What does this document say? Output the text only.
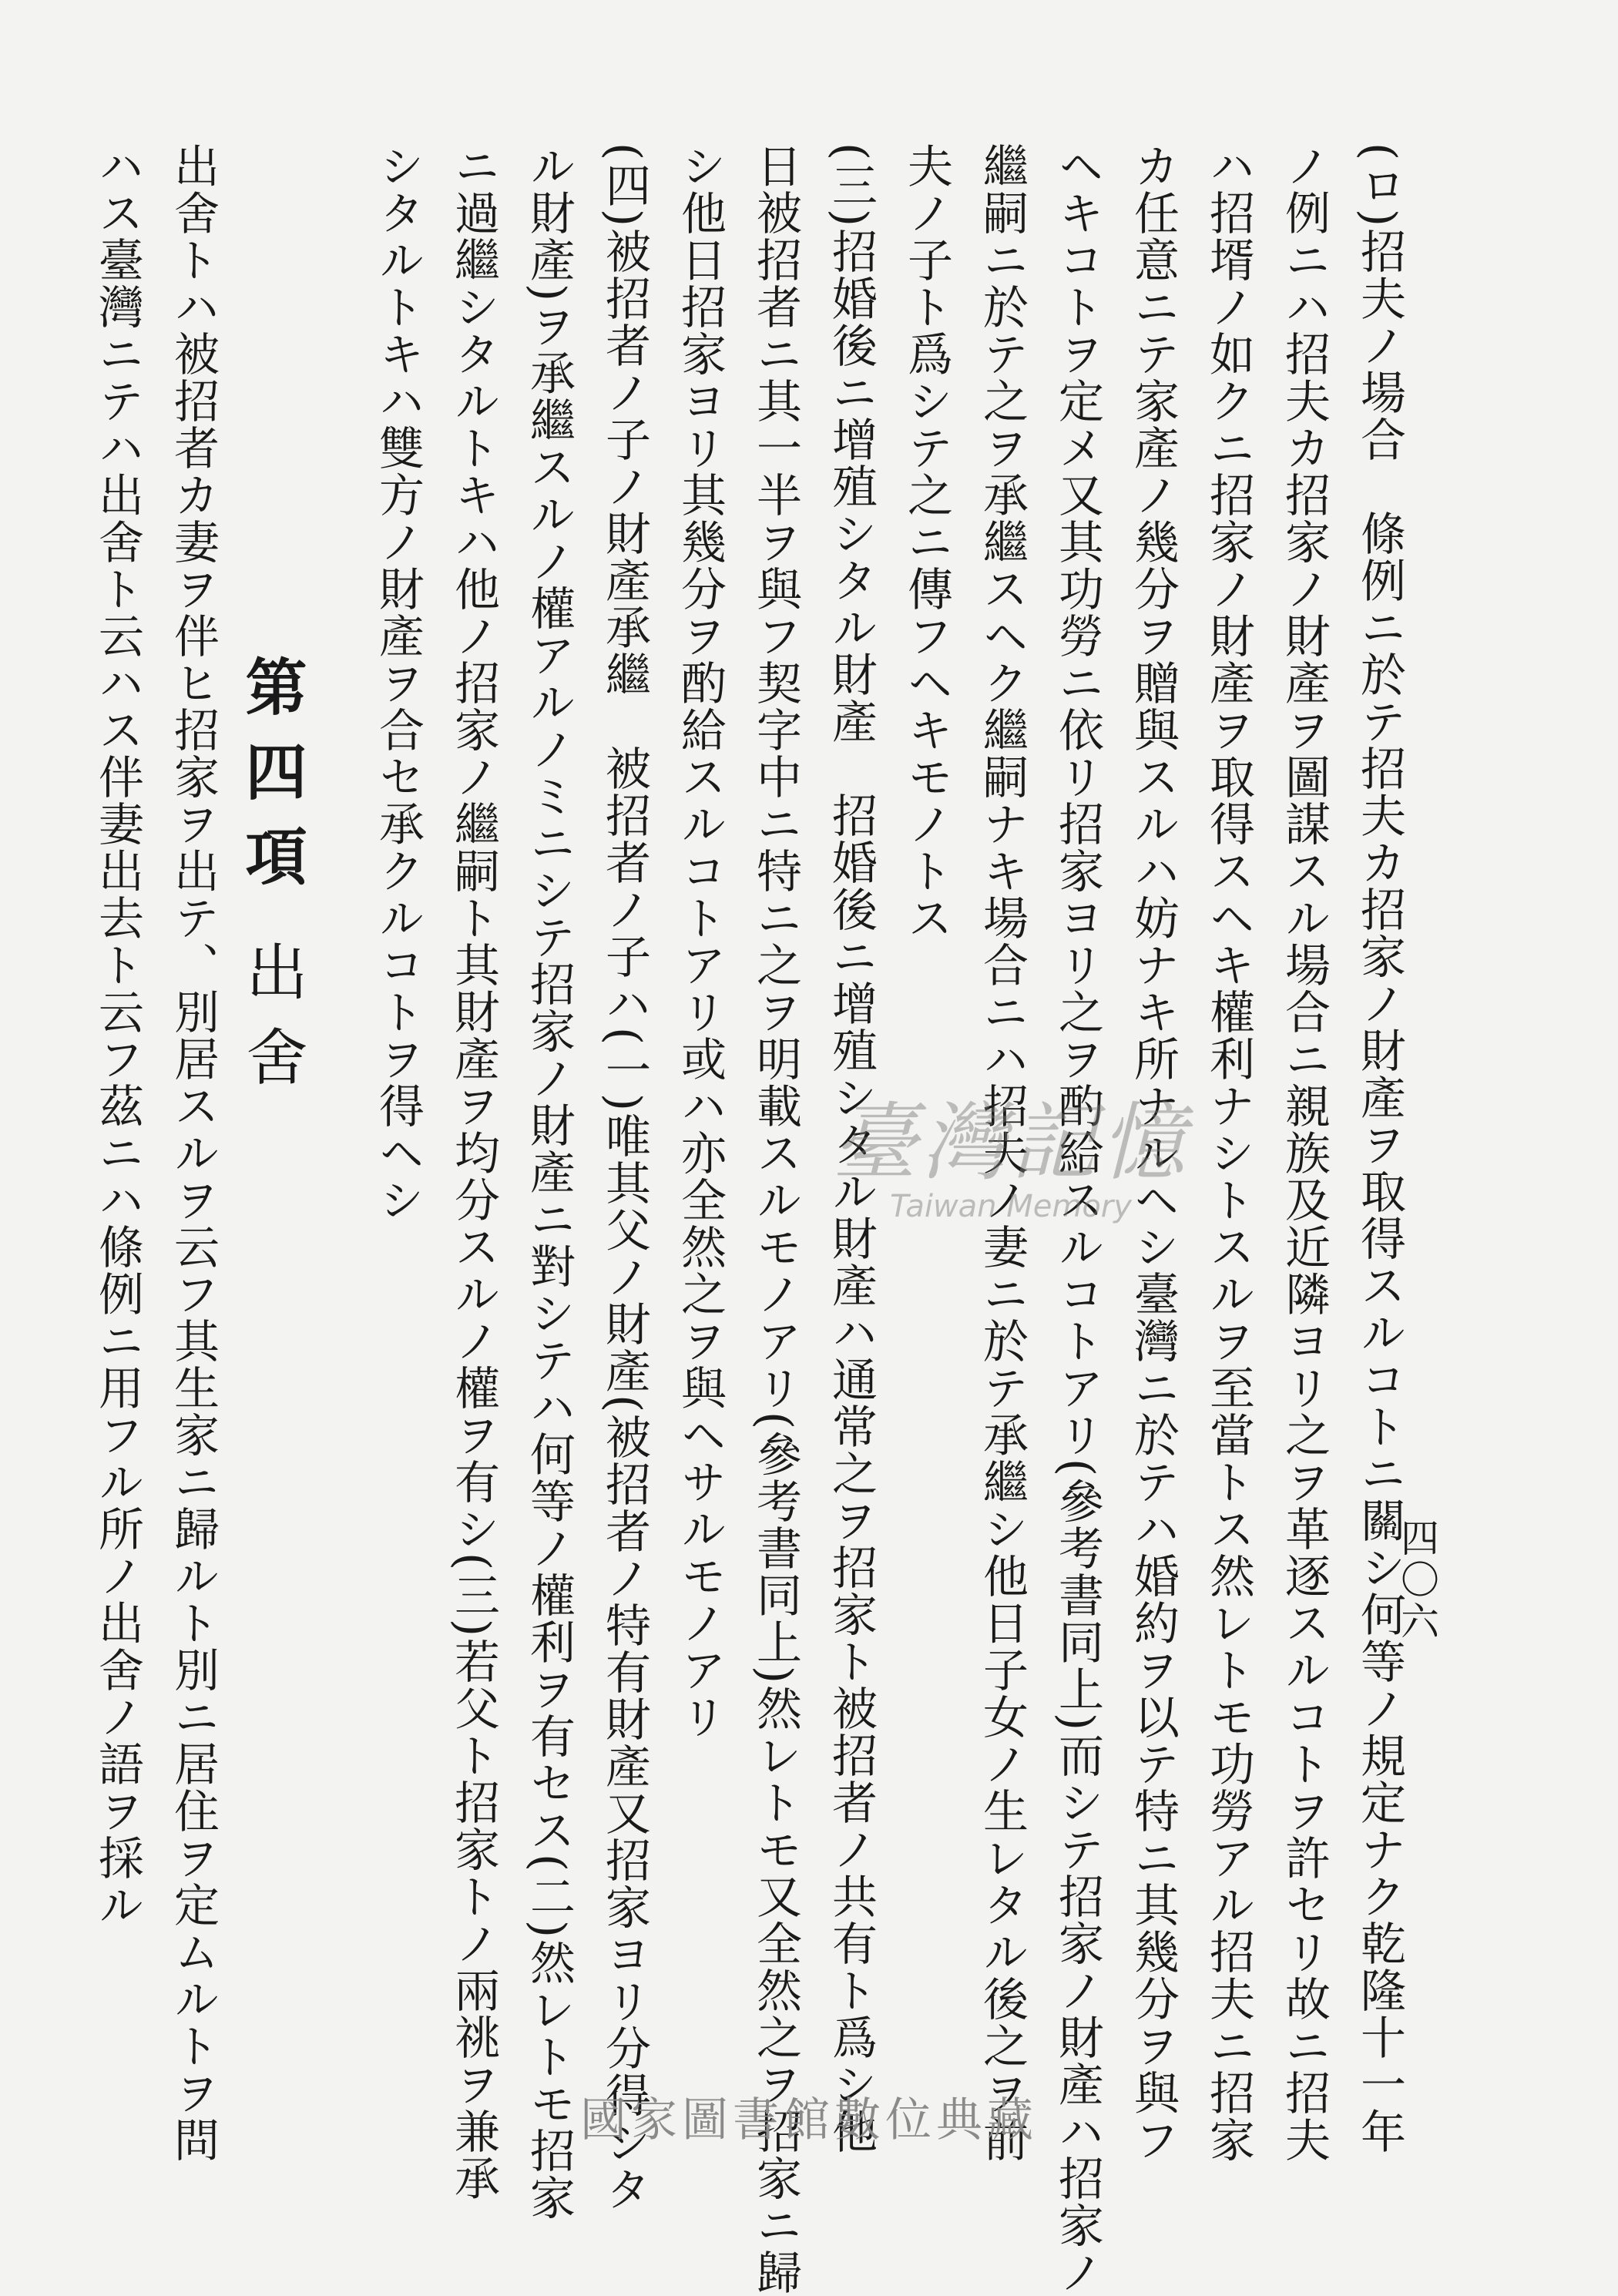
四〇六
(ロ)招夫ノ場合　條例ニ於テ招夫カ招家ノ財產ヲ取得スルコトニ關シ何等ノ規定ナク乾隆十一年
ノ例ニハ招夫カ招家ノ財產ヲ圖謀スル場合ニ親族及近隣ヨリ之ヲ革逐スルコトヲ許セリ故ニ招夫
ハ招壻ノ如クニ招家ノ財產ヲ取得スヘキ權利ナシトスルヲ至當トス然レトモ功勞アル招夫ニ招家
カ任意ニテ家產ノ幾分ヲ贈與スルハ妨ナキ所ナルヘシ臺灣ニ於テハ婚約ヲ以テ特ニ其幾分ヲ與フ
ヘキコトヲ定メ又其功勞ニ依リ招家ヨリ之ヲ酌給スルコトアリ(參考書同上)而シテ招家ノ財產ハ招家ノ
繼嗣ニ於テ之ヲ承繼スヘク繼嗣ナキ場合ニハ招夫ノ妻ニ於テ承繼シ他日子女ノ生レタル後之ヲ前
夫ノ子ト爲シテ之ニ傳フヘキモノトス
(三)招婚後ニ增殖シタル財產　招婚後ニ增殖シタル財產ハ通常之ヲ招家ト被招者ノ共有ト爲シ他
日被招者ニ其一半ヲ與フ契字中ニ特ニ之ヲ明載スルモノアリ(參考書同上)然レトモ又全然之ヲ招家ニ歸
シ他日招家ヨリ其幾分ヲ酌給スルコトアリ或ハ亦全然之ヲ與ヘサルモノアリ
(四)被招者ノ子ノ財產承繼　被招者ノ子ハ(一)唯其父ノ財產(被招者ノ特有財產又招家ヨリ分得シタ
ル財產)ヲ承繼スルノ權アルノミニシテ招家ノ財產ニ對シテハ何等ノ權利ヲ有セス(二)然レトモ招家
ニ過繼シタルトキハ他ノ招家ノ繼嗣ト其財產ヲ均分スルノ權ヲ有シ(三)若父ト招家トノ兩祧ヲ兼承
シタルトキハ雙方ノ財產ヲ合セ承クルコトヲ得ヘシ
第四項出舍
出舍トハ被招者カ妻ヲ伴ヒ招家ヲ出テ、別居スルヲ云フ其生家ニ歸ルト別ニ居住ヲ定ムルトヲ問
ハス臺灣ニテハ出舍ト云ハス伴妻出去ト云フ茲ニハ條例ニ用フル所ノ出舍ノ語ヲ採ル	臺灣記憶
Taiwan Memory
國家圖書館數位典藏
